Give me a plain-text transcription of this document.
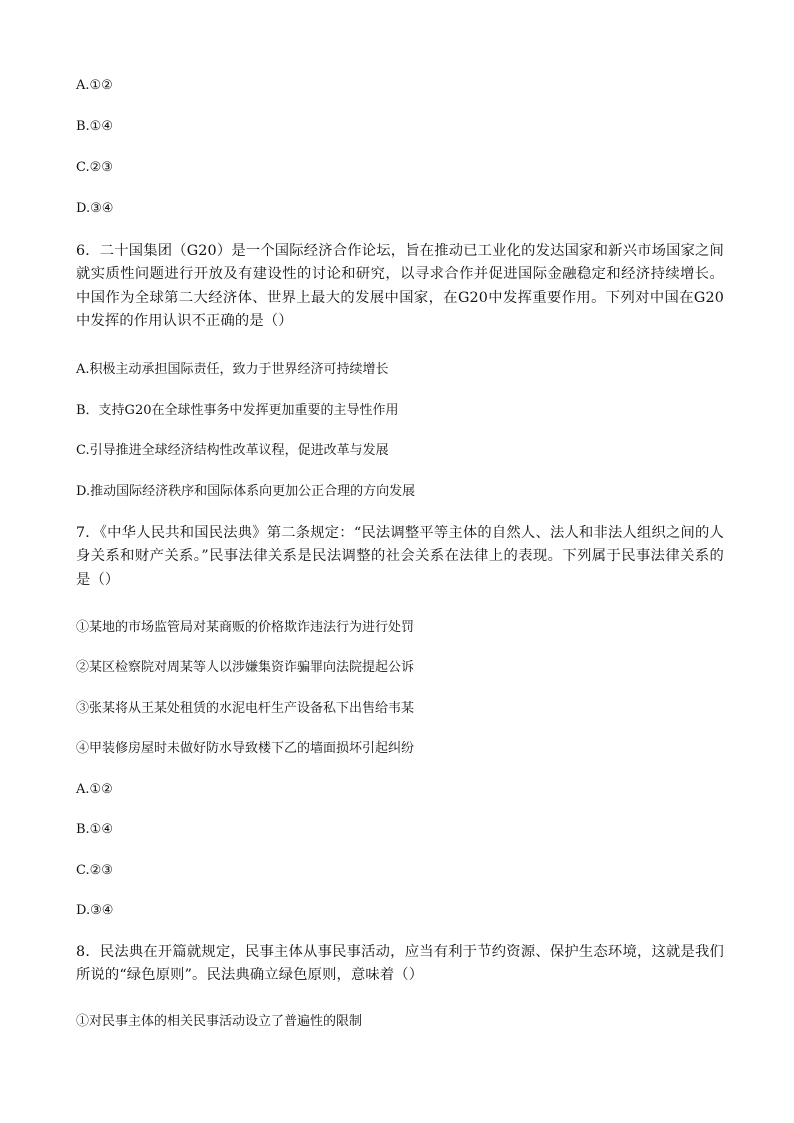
A.①②
B.①④
C.②③
D.③④
6．二十国集团（G20）是一个国际经济合作论坛，旨在推动已工业化的发达国家和新兴市场国家之间就实质性问题进行开放及有建设性的讨论和研究，以寻求合作并促进国际金融稳定和经济持续增长。中国作为全球第二大经济体、世界上最大的发展中国家，在G20中发挥重要作用。下列对中国在G20中发挥的作用认识不正确的是（）
A.积极主动承担国际责任，致力于世界经济可持续增长
B．支持G20在全球性事务中发挥更加重要的主导性作用
C.引导推进全球经济结构性改革议程，促进改革与发展
D.推动国际经济秩序和国际体系向更加公正合理的方向发展
7．《中华人民共和国民法典》第二条规定：“民法调整平等主体的自然人、法人和非法人组织之间的人身关系和财产关系。”民事法律关系是民法调整的社会关系在法律上的表现。下列属于民事法律关系的是（）
①某地的市场监管局对某商贩的价格欺诈违法行为进行处罚
②某区检察院对周某等人以涉嫌集资诈骗罪向法院提起公诉
③张某将从王某处租赁的水泥电杆生产设备私下出售给韦某
④甲装修房屋时未做好防水导致楼下乙的墙面损坏引起纠纷
A.①②
B.①④
C.②③
D.③④
8．民法典在开篇就规定，民事主体从事民事活动，应当有利于节约资源、保护生态环境，这就是我们所说的“绿色原则”。民法典确立绿色原则，意味着（）
①对民事主体的相关民事活动设立了普遍性的限制
